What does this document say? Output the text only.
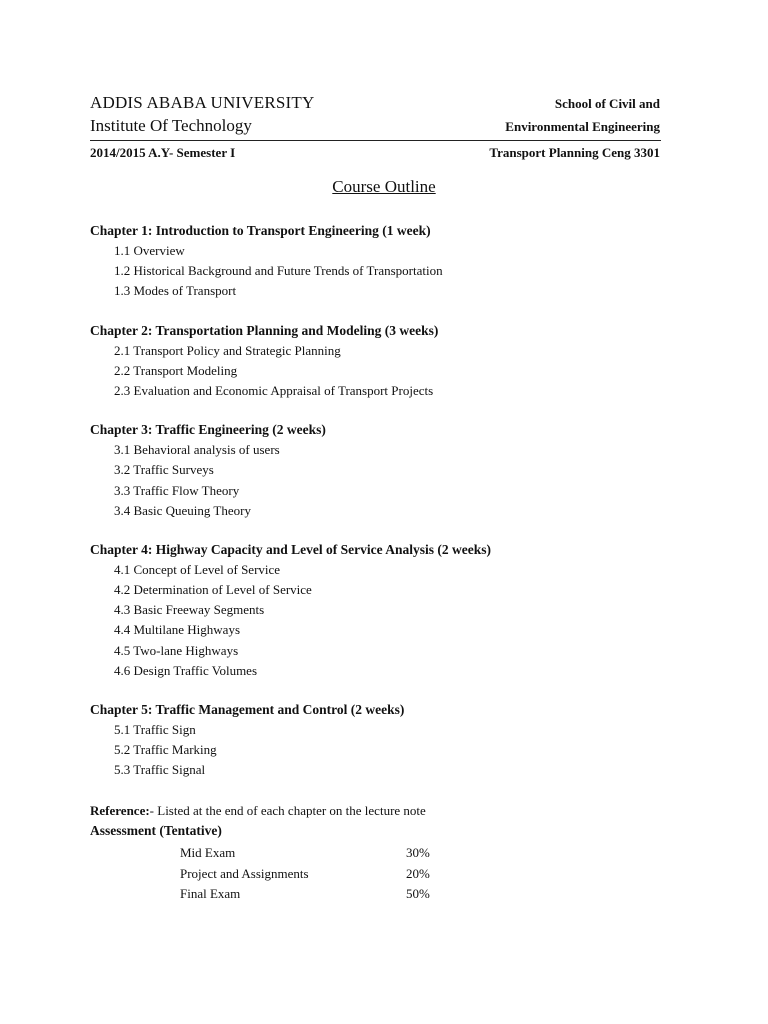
ADDIS ABABA UNIVERSITY
Institute Of Technology
School of Civil and
Environmental Engineering
2014/2015 A.Y- Semester I	Transport Planning Ceng 3301
Course Outline
Chapter 1: Introduction to Transport Engineering (1 week)
1.1 Overview
1.2 Historical Background and Future Trends of Transportation
1.3 Modes of Transport
Chapter 2: Transportation Planning and Modeling (3 weeks)
2.1 Transport Policy and Strategic Planning
2.2 Transport Modeling
2.3 Evaluation and Economic Appraisal of Transport Projects
Chapter 3: Traffic Engineering (2 weeks)
3.1 Behavioral analysis of users
3.2 Traffic Surveys
3.3 Traffic Flow Theory
3.4 Basic Queuing Theory
Chapter 4: Highway Capacity and Level of Service Analysis (2 weeks)
4.1 Concept of Level of Service
4.2 Determination of Level of Service
4.3 Basic Freeway Segments
4.4 Multilane Highways
4.5 Two-lane Highways
4.6 Design Traffic Volumes
Chapter 5: Traffic Management and Control (2 weeks)
5.1 Traffic Sign
5.2 Traffic Marking
5.3 Traffic Signal
Reference:- Listed at the end of each chapter on the lecture note
Assessment (Tentative)
Mid Exam	30%
Project and Assignments	20%
Final Exam	50%
